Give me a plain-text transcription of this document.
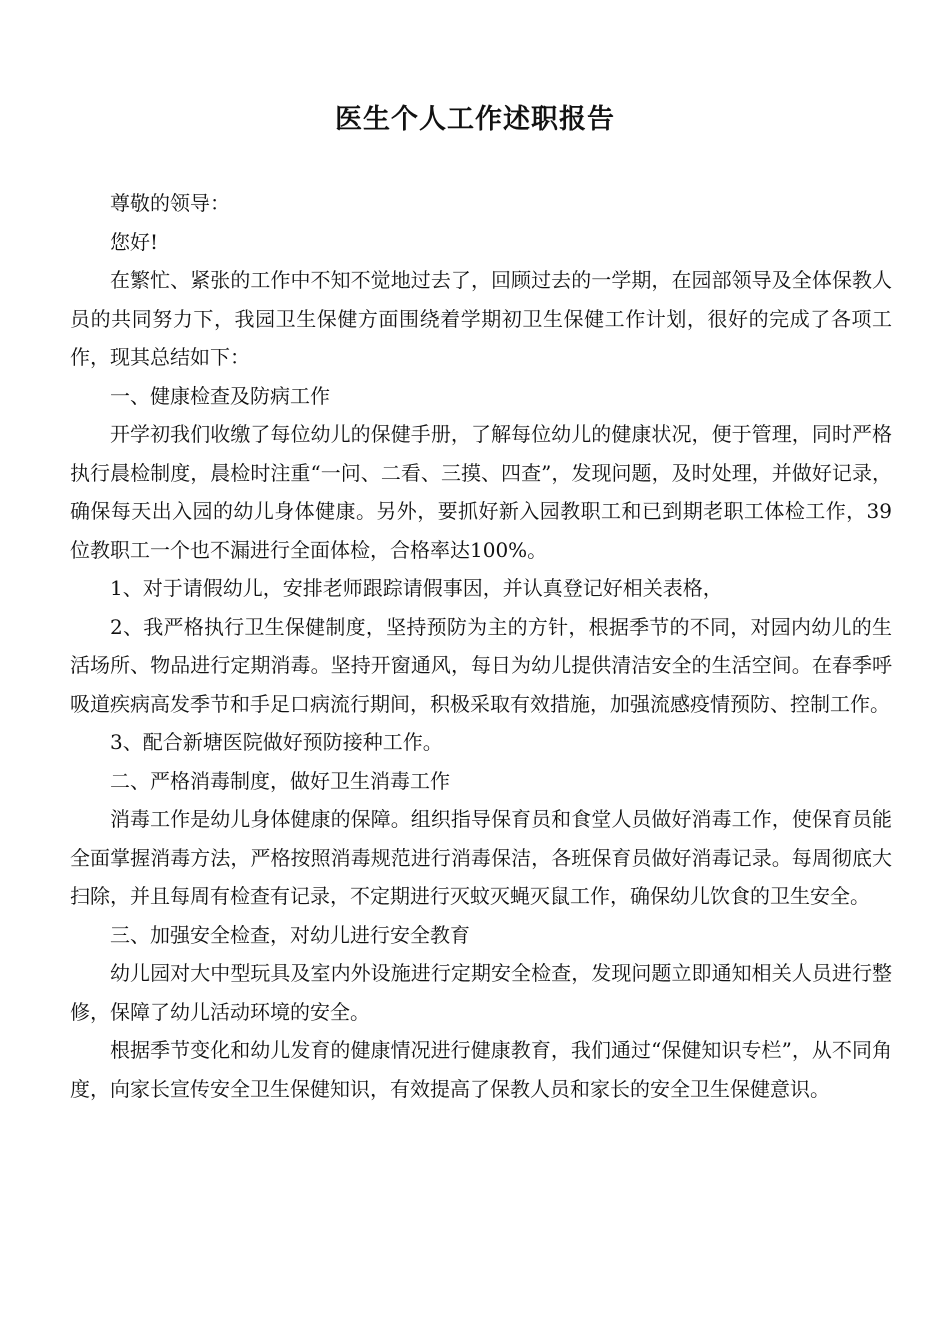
医生个人工作述职报告

尊敬的领导：

您好!

在繁忙、紧张的工作中不知不觉地过去了，回顾过去的一学期，在园部领导及全体保教人员的共同努力下，我园卫生保健方面围绕着学期初卫生保健工作计划，很好的完成了各项工作，现其总结如下：

一、健康检查及防病工作

开学初我们收缴了每位幼儿的保健手册，了解每位幼儿的健康状况，便于管理，同时严格执行晨检制度，晨检时注重“一问、二看、三摸、四查”，发现问题，及时处理，并做好记录，确保每天出入园的幼儿身体健康。另外，要抓好新入园教职工和已到期老职工体检工作，39位教职工一个也不漏进行全面体检，合格率达100%。

1、对于请假幼儿，安排老师跟踪请假事因，并认真登记好相关表格，

2、我严格执行卫生保健制度，坚持预防为主的方针，根据季节的不同，对园内幼儿的生活场所、物品进行定期消毒。坚持开窗通风，每日为幼儿提供清洁安全的生活空间。在春季呼吸道疾病高发季节和手足口病流行期间，积极采取有效措施，加强流感疫情预防、控制工作。

3、配合新塘医院做好预防接种工作。

二、严格消毒制度，做好卫生消毒工作

消毒工作是幼儿身体健康的保障。组织指导保育员和食堂人员做好消毒工作，使保育员能全面掌握消毒方法，严格按照消毒规范进行消毒保洁，各班保育员做好消毒记录。每周彻底大扫除，并且每周有检查有记录，不定期进行灭蚊灭蝇灭鼠工作，确保幼儿饮食的卫生安全。

三、加强安全检查，对幼儿进行安全教育

幼儿园对大中型玩具及室内外设施进行定期安全检查，发现问题立即通知相关人员进行整修，保障了幼儿活动环境的安全。

根据季节变化和幼儿发育的健康情况进行健康教育，我们通过“保健知识专栏”，从不同角度，向家长宣传安全卫生保健知识，有效提高了保教人员和家长的安全卫生保健意识。
